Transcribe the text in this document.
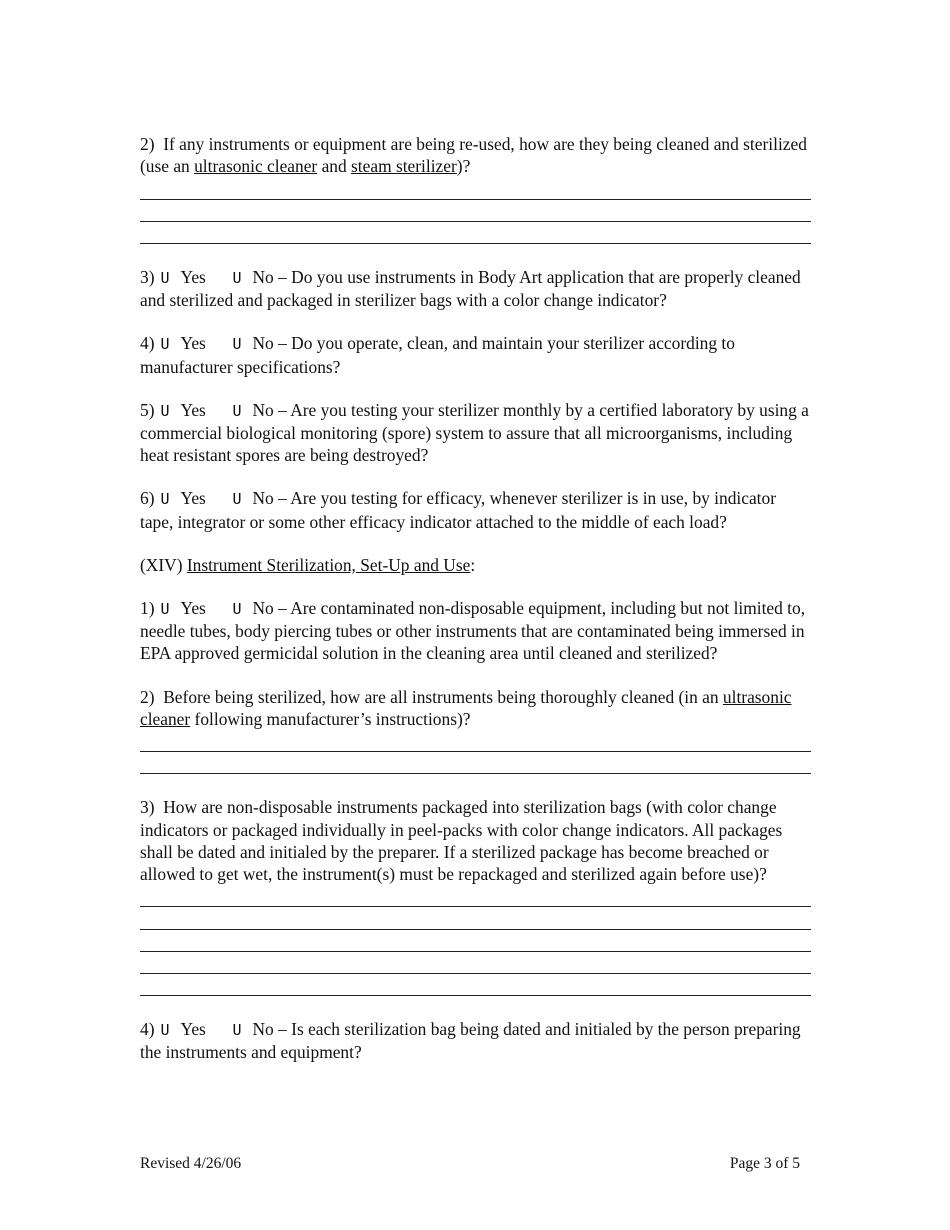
2) If any instruments or equipment are being re-used, how are they being cleaned and sterilized (use an ultrasonic cleaner and steam sterilizer)?

3) U Yes U No – Do you use instruments in Body Art application that are properly cleaned and sterilized and packaged in sterilizer bags with a color change indicator?

4) U Yes U No – Do you operate, clean, and maintain your sterilizer according to manufacturer specifications?

5) U Yes U No – Are you testing your sterilizer monthly by a certified laboratory by using a commercial biological monitoring (spore) system to assure that all microorganisms, including heat resistant spores are being destroyed?

6) U Yes U No – Are you testing for efficacy, whenever sterilizer is in use, by indicator tape, integrator or some other efficacy indicator attached to the middle of each load?

(XIV) Instrument Sterilization, Set-Up and Use:

1) U Yes U No – Are contaminated non-disposable equipment, including but not limited to, needle tubes, body piercing tubes or other instruments that are contaminated being immersed in EPA approved germicidal solution in the cleaning area until cleaned and sterilized?

2) Before being sterilized, how are all instruments being thoroughly cleaned (in an ultrasonic cleaner following manufacturer’s instructions)?

3) How are non-disposable instruments packaged into sterilization bags (with color change indicators or packaged individually in peel-packs with color change indicators. All packages shall be dated and initialed by the preparer. If a sterilized package has become breached or allowed to get wet, the instrument(s) must be repackaged and sterilized again before use)?

4) U Yes U No – Is each sterilization bag being dated and initialed by the person preparing the instruments and equipment?

Revised 4/26/06	Page 3 of 5
